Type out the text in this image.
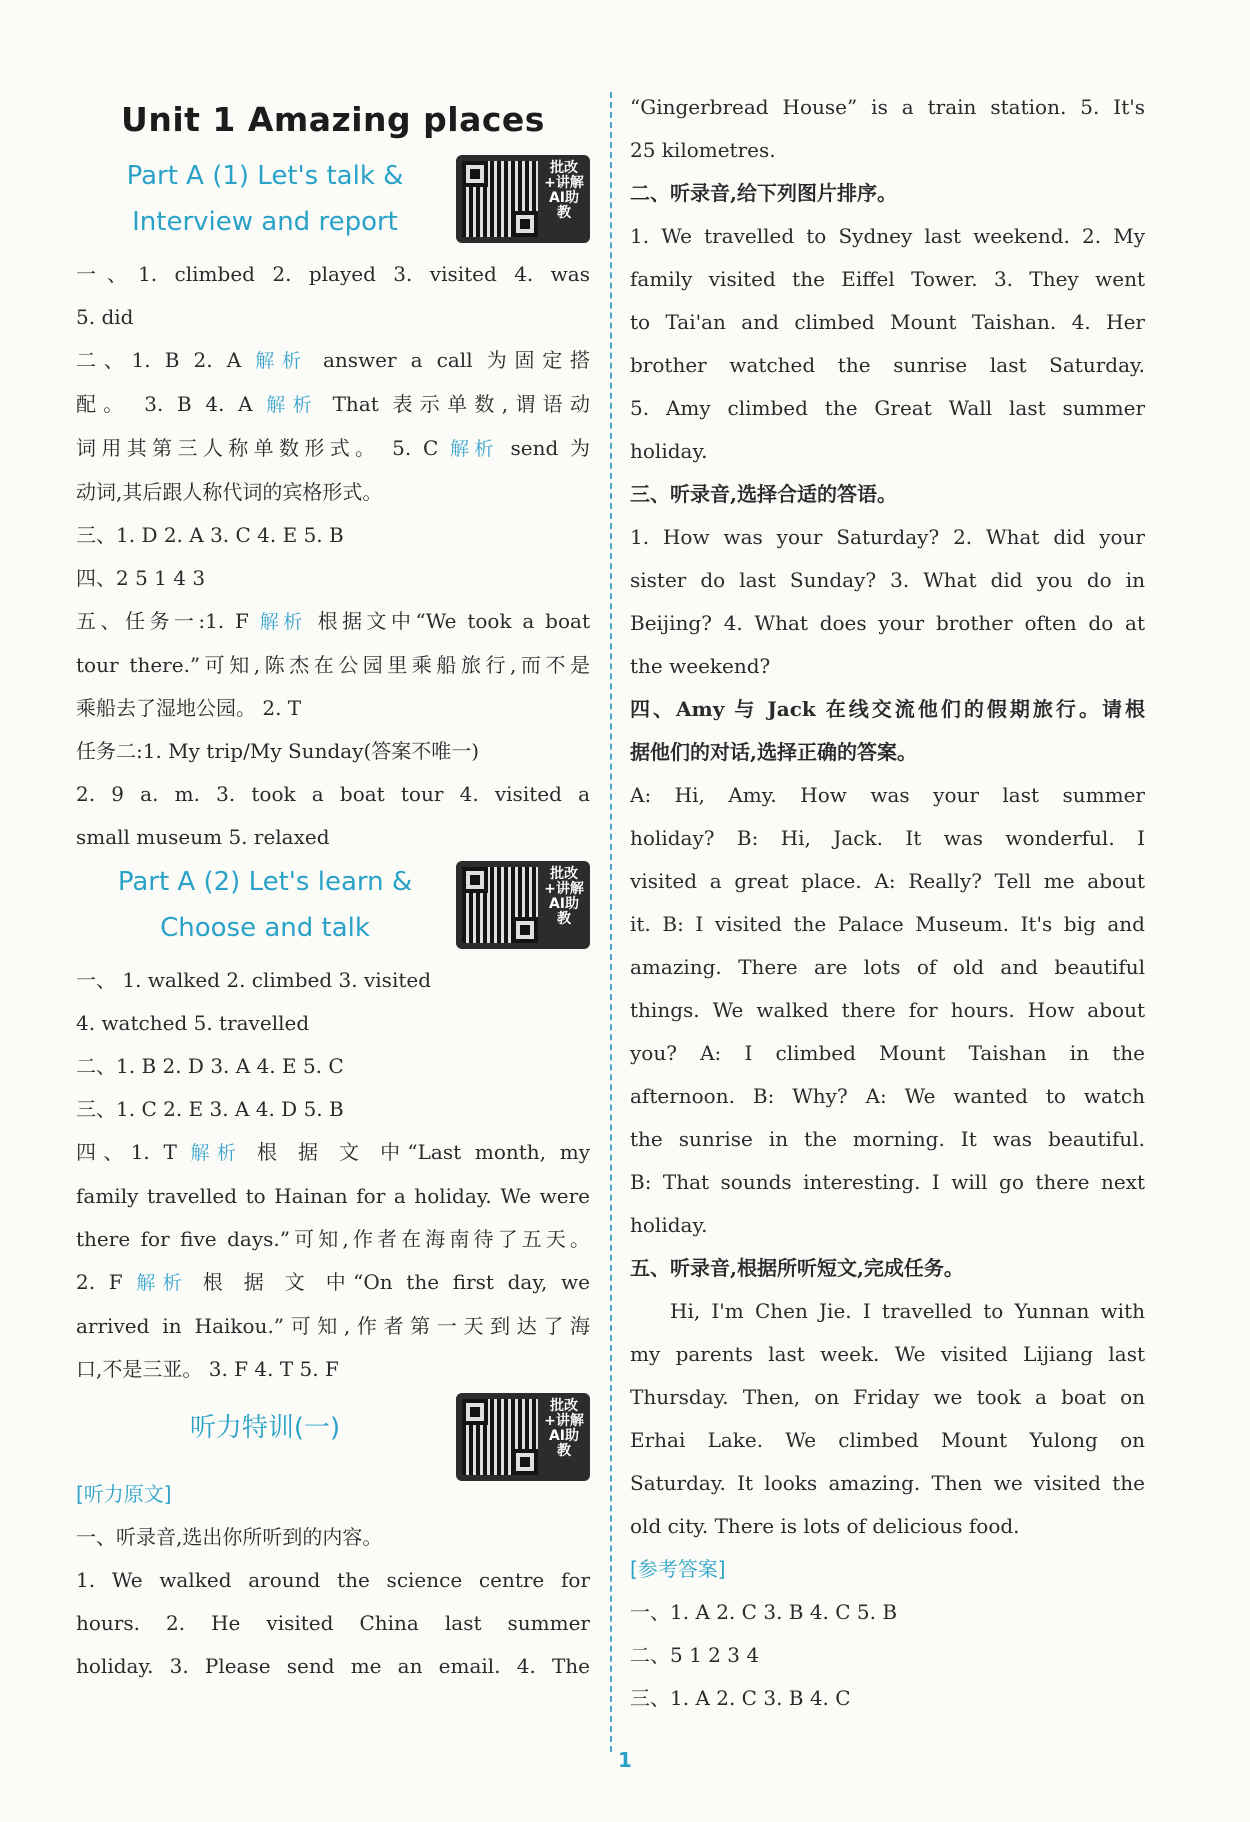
Unit 1 Amazing places
Part A (1) Let's talk &
Interview and report
批改+讲解 AI助教
一、1. climbed 2. played 3. visited 4. was
5. did
二、1. B 2. A 解析 answer a call 为固定搭
配。 3. B 4. A 解析 That 表示单数,谓语动
词用其第三人称单数形式。 5. C 解析 send 为
动词,其后跟人称代词的宾格形式。
三、1. D 2. A 3. C 4. E 5. B
四、2 5 1 4 3
五、任务一:1. F 解析 根据文中“We took a boat
tour there.”可知,陈杰在公园里乘船旅行,而不是
乘船去了湿地公园。 2. T
任务二:1. My trip/My Sunday(答案不唯一)
2. 9 a. m. 3. took a boat tour 4. visited a
small museum 5. relaxed
Part A (2) Let's learn &
Choose and talk
批改+讲解 AI助教
一、 1. walked 2. climbed 3. visited
4. watched 5. travelled
二、1. B 2. D 3. A 4. E 5. C
三、1. C 2. E 3. A 4. D 5. B
四、1. T 解析 根 据 文 中“Last month, my
family travelled to Hainan for a holiday. We were
there for five days.”可知,作者在海南待了五天。
2. F 解析 根 据 文 中“On the first day, we
arrived in Haikou.”可知,作者第一天到达了海
口,不是三亚。 3. F 4. T 5. F
听力特训(一)
批改+讲解 AI助教
[听力原文]
一、听录音,选出你所听到的内容。
1. We walked around the science centre for
hours. 2. He visited China last summer
holiday. 3. Please send me an email. 4. The
“Gingerbread House” is a train station. 5. It's
25 kilometres.
二、听录音,给下列图片排序。
1. We travelled to Sydney last weekend. 2. My
family visited the Eiffel Tower. 3. They went
to Tai'an and climbed Mount Taishan. 4. Her
brother watched the sunrise last Saturday.
5. Amy climbed the Great Wall last summer
holiday.
三、听录音,选择合适的答语。
1. How was your Saturday? 2. What did your
sister do last Sunday? 3. What did you do in
Beijing? 4. What does your brother often do at
the weekend?
四、Amy 与 Jack 在线交流他们的假期旅行。请根
据他们的对话,选择正确的答案。
A: Hi, Amy. How was your last summer
holiday? B: Hi, Jack. It was wonderful. I
visited a great place. A: Really? Tell me about
it. B: I visited the Palace Museum. It's big and
amazing. There are lots of old and beautiful
things. We walked there for hours. How about
you? A: I climbed Mount Taishan in the
afternoon. B: Why? A: We wanted to watch
the sunrise in the morning. It was beautiful.
B: That sounds interesting. I will go there next
holiday.
五、听录音,根据所听短文,完成任务。
Hi, I'm Chen Jie. I travelled to Yunnan with
my parents last week. We visited Lijiang last
Thursday. Then, on Friday we took a boat on
Erhai Lake. We climbed Mount Yulong on
Saturday. It looks amazing. Then we visited the
old city. There is lots of delicious food.
[参考答案]
一、1. A 2. C 3. B 4. C 5. B
二、5 1 2 3 4
三、1. A 2. C 3. B 4. C
1
